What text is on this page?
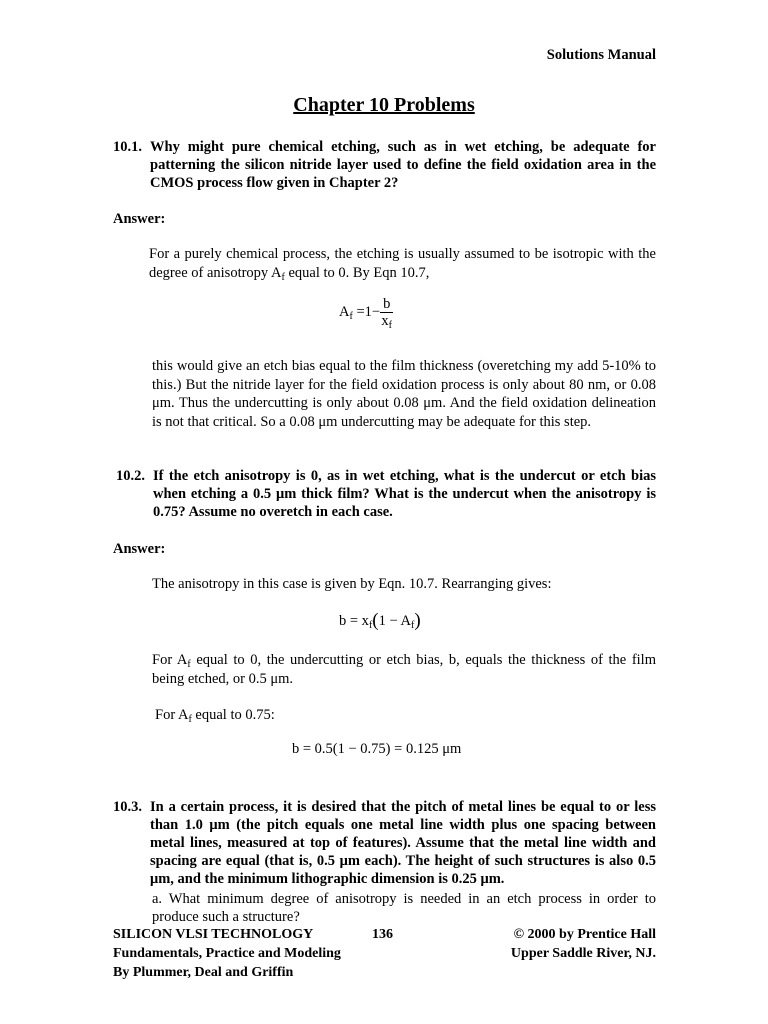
Solutions Manual
Chapter 10 Problems
10.1. Why might pure chemical etching, such as in wet etching, be adequate for patterning the silicon nitride layer used to define the field oxidation area in the CMOS process flow given in Chapter 2?
Answer:
For a purely chemical process, the etching is usually assumed to be isotropic with the degree of anisotropy $A_f$ equal to 0. By Eqn 10.7,
$A_f =1- \frac{b}{x_f}$
this would give an etch bias equal to the film thickness (overetching my add 5-10% to this.) But the nitride layer for the field oxidation process is only about 80 nm, or 0.08 μm. Thus the undercutting is only about 0.08 μm. And the field oxidation delineation is not that critical. So a 0.08 μm undercutting may be adequate for this step.
10.2. If the etch anisotropy is 0, as in wet etching, what is the undercut or etch bias when etching a 0.5 μm thick film? What is the undercut when the anisotropy is 0.75? Assume no overetch in each case.
Answer:
The anisotropy in this case is given by Eqn. 10.7. Rearranging gives:
$b = x_f(1 - A_f)$
For $A_f$ equal to 0, the undercutting or etch bias, b, equals the thickness of the film being etched, or 0.5 μm.
For $A_f$ equal to 0.75:
b = 0.5(1 − 0.75) = 0.125 μm
10.3. In a certain process, it is desired that the pitch of metal lines be equal to or less than 1.0 μm (the pitch equals one metal line width plus one spacing between metal lines, measured at top of features). Assume that the metal line width and spacing are equal (that is, 0.5 μm each). The height of such structures is also 0.5 μm, and the minimum lithographic dimension is 0.25 μm.
a. What minimum degree of anisotropy is needed in an etch process in order to produce such a structure?
SILICON VLSI TECHNOLOGY
Fundamentals, Practice and Modeling
By Plummer, Deal and Griffin
136	© 2000 by Prentice Hall
Upper Saddle River, NJ.
